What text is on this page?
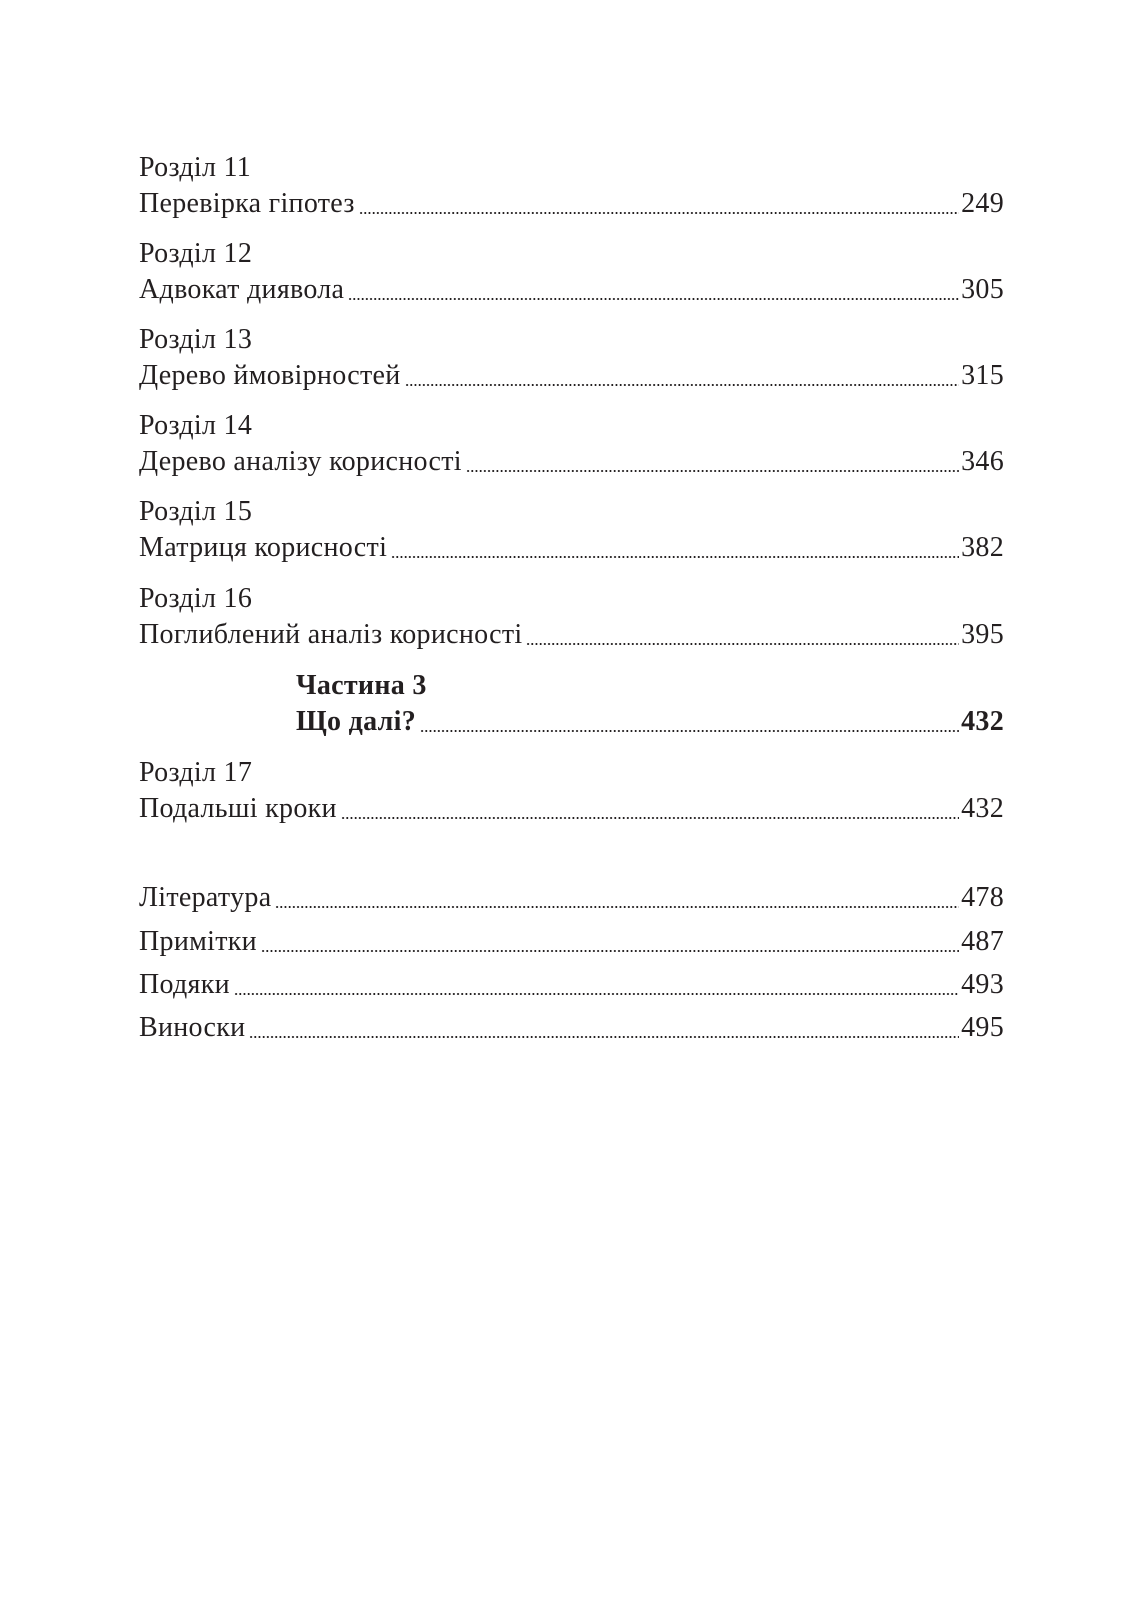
Розділ 11
Перевірка гіпотез	249
Розділ 12
Адвокат диявола	305
Розділ 13
Дерево ймовірностей	315
Розділ 14
Дерево аналізу корисності	346
Розділ 15
Матриця корисності	382
Розділ 16
Поглиблений аналіз корисності	395
Частина 3
Що далі?	432
Розділ 17
Подальші кроки	432
Література	478
Примітки	487
Подяки	493
Виноски	495
